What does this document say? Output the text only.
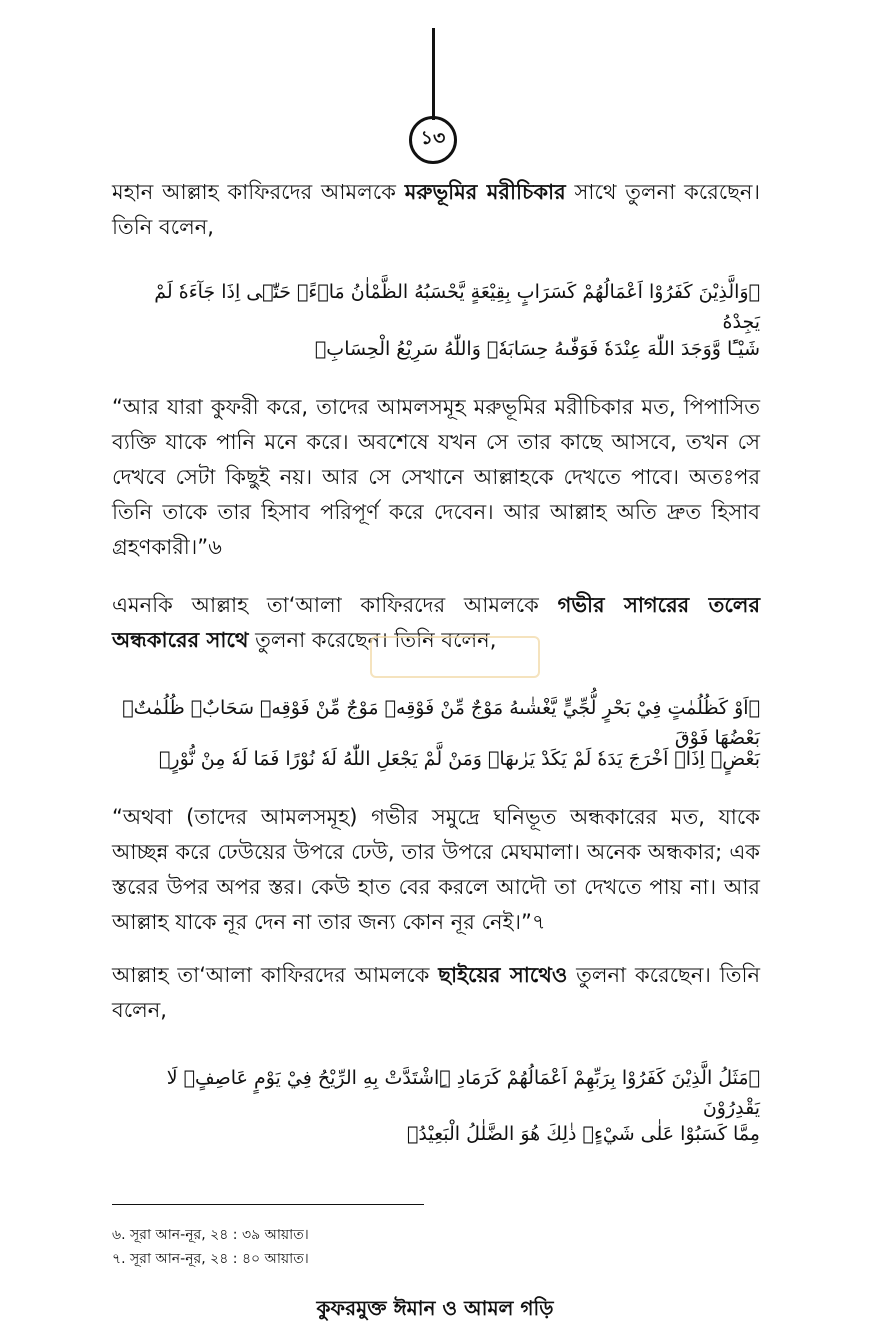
১৩

মহান আল্লাহ কাফিরদের আমলকে মরুভূমির মরীচিকার সাথে তুলনা করেছেন। তিনি বলেন,

﴿وَالَّذِيْنَ كَفَرُوْا اَعْمَالُهُمْ كَسَرَابٍ بِقِيْعَةٍ يَّحْسَبُهُ الظَّمْاٰنُ مَاۤءًۚ حَتّٰۤى اِذَا جَآءَهٗ لَمْ يَجِدْهُ

شَيْـًٔا وَّوَجَدَ اللّٰهَ عِنْدَهٗ فَوَفّٰىهُ حِسَابَهٗۚ وَاللّٰهُ سَرِيْعُ الْحِسَابِ﴾

“আর যারা কুফরী করে, তাদের আমলসমূহ মরুভূমির মরীচিকার মত, পিপাসিত ব্যক্তি যাকে পানি মনে করে। অবশেষে যখন সে তার কাছে আসবে, তখন সে দেখবে সেটা কিছুই নয়। আর সে সেখানে আল্লাহকে দেখতে পাবে। অতঃপর তিনি তাকে তার হিসাব পরিপূর্ণ করে দেবেন। আর আল্লাহ অতি দ্রুত হিসাব গ্রহণকারী।”৬

এমনকি আল্লাহ তা‘আলা কাফিরদের আমলকে গভীর সাগরের তলের অন্ধকারের সাথে তুলনা করেছেন। তিনি বলেন,

﴿اَوْ كَظُلُمٰتٍ فِيْ بَحْرٍ لُّجِّيٍّ يَّغْشٰىهُ مَوْجٌ مِّنْ فَوْقِهٖ مَوْجٌ مِّنْ فَوْقِهٖ سَحَابٌۚ ظُلُمٰتٌۢ بَعْضُهَا فَوْقَ

بَعْضٍۚ اِذَاۤ اَخْرَجَ يَدَهٗ لَمْ يَكَدْ يَرٰىهَاۚ وَمَنْ لَّمْ يَجْعَلِ اللّٰهُ لَهٗ نُوْرًا فَمَا لَهٗ مِنْ نُّوْرٍ﴾

“অথবা (তাদের আমলসমূহ) গভীর সমুদ্রে ঘনিভূত অন্ধকারের মত, যাকে আচ্ছন্ন করে ঢেউয়ের উপরে ঢেউ, তার উপরে মেঘমালা। অনেক অন্ধকার; এক স্তরের উপর অপর স্তর। কেউ হাত বের করলে আদৌ তা দেখতে পায় না। আর আল্লাহ যাকে নূর দেন না তার জন্য কোন নূর নেই।”৭

আল্লাহ তা‘আলা কাফিরদের আমলকে ছাইয়ের সাথেও তুলনা করেছেন। তিনি বলেন,

﴿مَثَلُ الَّذِيْنَ كَفَرُوْا بِرَبِّهِمْ اَعْمَالُهُمْ كَرَمَادِ ِۨاشْتَدَّتْ بِهِ الرِّيْحُ فِيْ يَوْمٍ عَاصِفٍۗ لَا يَقْدِرُوْنَ

مِمَّا كَسَبُوْا عَلٰى شَيْءٍۗ ذٰلِكَ هُوَ الضَّلٰلُ الْبَعِيْدُ﴾

৬. সূরা আন-নূর, ২৪ : ৩৯ আয়াত।
৭. সূরা আন-নূর, ২৪ : ৪০ আয়াত।
কুফরমুক্ত ঈমান ও আমল গড়ি
